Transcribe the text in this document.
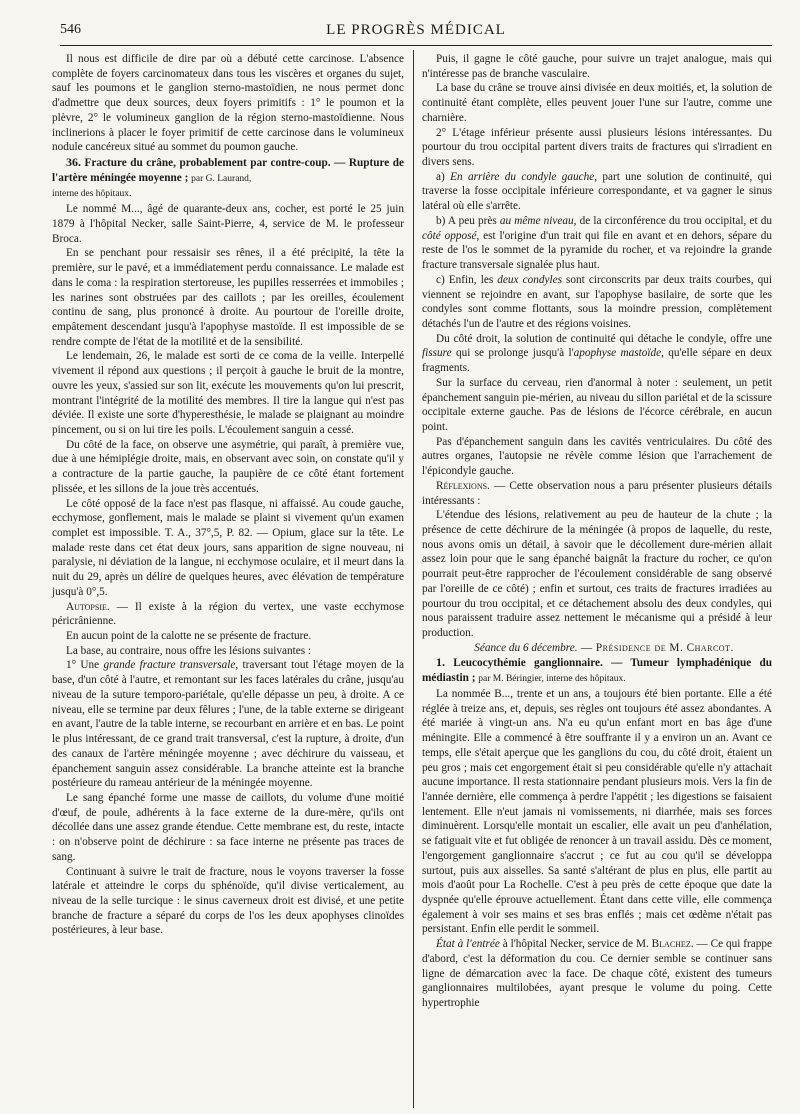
546	LE PROGRÈS MÉDICAL

Il nous est difficile de dire par où a débuté cette carcinose. L'absence complète de foyers carcinomateux dans tous les viscères et organes du sujet, sauf les poumons et le ganglion sterno-mastoïdien, ne nous permet donc d'admettre que deux sources, deux foyers primitifs : 1° le poumon et la plèvre, 2° le volumineux ganglion de la région sterno-mastoïdienne. Nous inclinerions à placer le foyer primitif de cette carcinose dans le volumineux nodule cancéreux situé au sommet du poumon gauche.

36. Fracture du crâne, probablement par contre-coup. — Rupture de l'artère méningée moyenne ; par G. Laurand,
interne des hôpitaux.

Le nommé M..., âgé de quarante-deux ans, cocher, est porté le 25 juin 1879 à l'hôpital Necker, salle Saint-Pierre, 4, service de M. le professeur Broca.

En se penchant pour ressaisir ses rênes, il a été précipité, la tête la première, sur le pavé, et a immédiatement perdu connaissance. Le malade est dans le coma : la respiration stertoreuse, les pupilles resserrées et immobiles ; les narines sont obstruées par des caillots ; par les oreilles, écoulement continu de sang, plus prononcé à droite. Au pourtour de l'oreille droite, empâtement descendant jusqu'à l'apophyse mastoïde. Il est impossible de se rendre compte de l'état de la motilité et de la sensibilité.

Le lendemain, 26, le malade est sorti de ce coma de la veille. Interpellé vivement il répond aux questions ; il perçoit à gauche le bruit de la montre, ouvre les yeux, s'assied sur son lit, exécute les mouvements qu'on lui prescrit, montrant l'intégrité de la motilité des membres. Il tire la langue qui n'est pas déviée. Il existe une sorte d'hyperesthésie, le malade se plaignant au moindre pincement, ou si on lui tire les poils. L'écoulement sanguin a cessé.

Du côté de la face, on observe une asymétrie, qui paraît, à première vue, due à une hémiplégie droite, mais, en observant avec soin, on constate qu'il y a contracture de la partie gauche, la paupière de ce côté étant fortement plissée, et les sillons de la joue très accentués.

Le côté opposé de la face n'est pas flasque, ni affaissé. Au coude gauche, ecchymose, gonflement, mais le malade se plaint si vivement qu'un examen complet est impossible. T. A., 37°,5, P. 82. — Opium, glace sur la tête. Le malade reste dans cet état deux jours, sans apparition de signe nouveau, ni paralysie, ni déviation de la langue, ni ecchymose oculaire, et il meurt dans la nuit du 29, après un délire de quelques heures, avec élévation de température jusqu'à 0°,5.

Autopsie. — Il existe à la région du vertex, une vaste ecchymose péricrânienne.

En aucun point de la calotte ne se présente de fracture.

La base, au contraire, nous offre les lésions suivantes :

1° Une grande fracture transversale, traversant tout l'étage moyen de la base, d'un côté à l'autre, et remontant sur les faces latérales du crâne, jusqu'au niveau de la suture temporo-pariétale, qu'elle dépasse un peu, à droite. A ce niveau, elle se termine par deux fêlures ; l'une, de la table externe se dirigeant en avant, l'autre de la table interne, se recourbant en arrière et en bas. Le point le plus intéressant, de ce grand trait transversal, c'est la rupture, à droite, d'un des canaux de l'artère méningée moyenne ; avec déchirure du vaisseau, et épanchement sanguin assez considérable. La branche atteinte est la branche postérieure du rameau antérieur de la méningée moyenne.

Le sang épanché forme une masse de caillots, du volume d'une moitié d'œuf, de poule, adhérents à la face externe de la dure-mère, qu'ils ont décollée dans une assez grande étendue. Cette membrane est, du reste, intacte : on n'observe point de déchirure : sa face interne ne présente pas traces de sang.

Continuant à suivre le trait de fracture, nous le voyons traverser la fosse latérale et atteindre le corps du sphénoïde, qu'il divise verticalement, au niveau de la selle turcique : le sinus caverneux droit est divisé, et une petite branche de fracture a séparé du corps de l'os les deux apophyses clinoïdes postérieures, à leur base.

Puis, il gagne le côté gauche, pour suivre un trajet analogue, mais qui n'intéresse pas de branche vasculaire.

La base du crâne se trouve ainsi divisée en deux moitiés, et, la solution de continuité étant complète, elles peuvent jouer l'une sur l'autre, comme une charnière.

2° L'étage inférieur présente aussi plusieurs lésions intéressantes. Du pourtour du trou occipital partent divers traits de fractures qui s'irradient en divers sens.

a) En arrière du condyle gauche, part une solution de continuité, qui traverse la fosse occipitale inférieure correspondante, et va gagner le sinus latéral où elle s'arrête.

b) A peu près au même niveau, de la circonférence du trou occipital, et du côté opposé, est l'origine d'un trait qui file en avant et en dehors, sépare du reste de l'os le sommet de la pyramide du rocher, et va rejoindre la grande fracture transversale signalée plus haut.

c) Enfin, les deux condyles sont circonscrits par deux traits courbes, qui viennent se rejoindre en avant, sur l'apophyse basilaire, de sorte que les condyles sont comme flottants, sous la moindre pression, complètement détachés l'un de l'autre et des régions voisines.

Du côté droit, la solution de continuité qui détache le condyle, offre une fissure qui se prolonge jusqu'à l'apophyse mastoïde, qu'elle sépare en deux fragments.

Sur la surface du cerveau, rien d'anormal à noter : seulement, un petit épanchement sanguin pie-mérien, au niveau du sillon pariétal et de la scissure occipitale externe gauche. Pas de lésions de l'écorce cérébrale, en aucun point.

Pas d'épanchement sanguin dans les cavités ventriculaires. Du côté des autres organes, l'autopsie ne révèle comme lésion que l'arrachement de l'épicondyle gauche.

Réflexions. — Cette observation nous a paru présenter plusieurs détails intéressants :

L'étendue des lésions, relativement au peu de hauteur de la chute ; la présence de cette déchirure de la méningée (à propos de laquelle, du reste, nous avons omis un détail, à savoir que le décollement dure-mérien allait assez loin pour que le sang épanché baignât la fracture du rocher, ce qu'on pourrait peut-être rapprocher de l'écoulement considérable de sang observé par l'oreille de ce côté) ; enfin et surtout, ces traits de fractures irradiées au pourtour du trou occipital, et ce détachement absolu des deux condyles, qui nous paraissent traduire assez nettement le mécanisme qui a présidé à leur production.

Séance du 6 décembre. — Présidence de M. Charcot.

1. Leucocythémie ganglionnaire. — Tumeur lymphadénique du médiastin ; par M. Béringier, interne des hôpitaux.

La nommée B..., trente et un ans, a toujours été bien portante. Elle a été réglée à treize ans, et, depuis, ses règles ont toujours été assez abondantes. A été mariée à vingt-un ans. N'a eu qu'un enfant mort en bas âge d'une méningite. Elle a commencé à être souffrante il y a environ un an. Avant ce temps, elle s'était aperçue que les ganglions du cou, du côté droit, étaient un peu gros ; mais cet engorgement était si peu considérable qu'elle n'y attachait aucune importance. Il resta stationnaire pendant plusieurs mois. Vers la fin de l'année dernière, elle commença à perdre l'appétit ; les digestions se faisaient lentement. Elle n'eut jamais ni vomissements, ni diarrhée, mais ses forces diminuèrent. Lorsqu'elle montait un escalier, elle avait un peu d'anhélation, se fatiguait vite et fut obligée de renoncer à un travail assidu. Dès ce moment, l'engorgement ganglionnaire s'accrut ; ce fut au cou qu'il se développa surtout, puis aux aisselles. Sa santé s'altérant de plus en plus, elle partit au mois d'août pour La Rochelle. C'est à peu près de cette époque que date la dyspnée qu'elle éprouve actuellement. Étant dans cette ville, elle commença également à voir ses mains et ses bras enflés ; mais cet œdème n'était pas persistant. Enfin elle perdit le sommeil.

État à l'entrée à l'hôpital Necker, service de M. Blachez. — Ce qui frappe d'abord, c'est la déformation du cou. Ce dernier semble se continuer sans ligne de démarcation avec la face. De chaque côté, existent des tumeurs ganglionnaires multilobées, ayant presque le volume du poing. Cette hypertrophie
